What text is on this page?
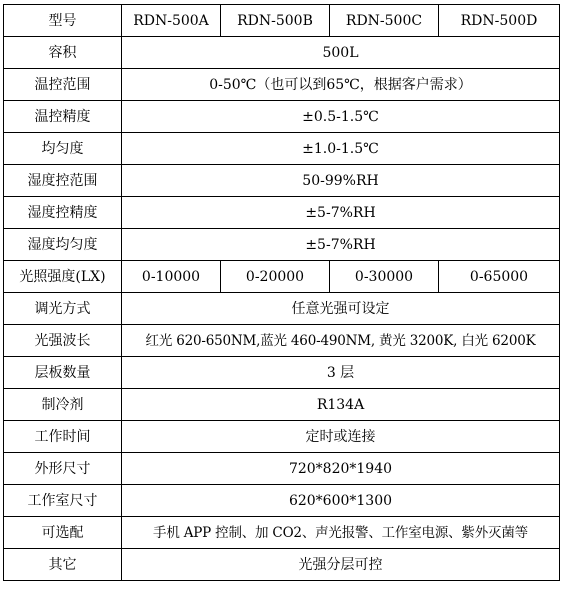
型号	RDN-500A	RDN-500B	RDN-500C	RDN-500D
容积	500L			
温控范围	0-50℃（也可以到65℃，根据客户需求）			
温控精度	±0.5-1.5℃			
均匀度	±1.0-1.5℃			
湿度控范围	50-99%RH			
湿度控精度	±5-7%RH			
湿度均匀度	±5-7%RH			
光照强度(LX)	0-10000	0-20000	0-30000	0-65000
调光方式	任意光强可设定			
光强波长	红光 620-650NM,蓝光 460-490NM, 黄光 3200K, 白光 6200K			
层板数量	3 层			
制冷剂	R134A			
工作时间	定时或连接			
外形尺寸	720*820*1940			
工作室尺寸	620*600*1300			
可选配	手机 APP 控制、加 CO2、声光报警、工作室电源、紫外灭菌等			
其它	光强分层可控			
